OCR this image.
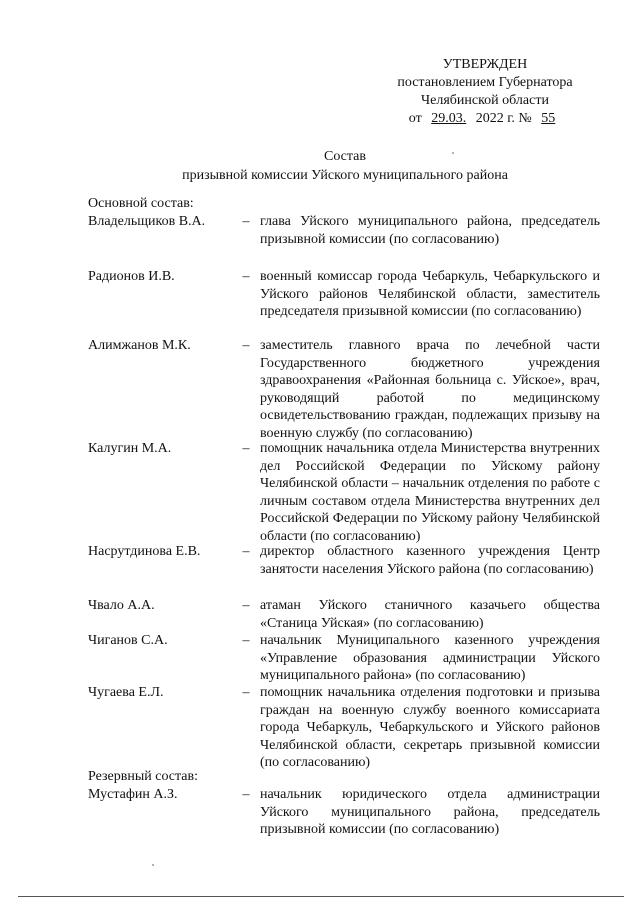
УТВЕРЖДЕН
постановлением Губернатора
Челябинской области
от 29.03. 2022 г. № 55
Состав
призывной комиссии Уйского муниципального района
Основной состав:
Владельщиков В.А.	– глава Уйского муниципального района, председатель призывной комиссии (по согласованию)
Радионов И.В.	– военный комиссар города Чебаркуль, Чебаркульского и Уйского районов Челябинской области, заместитель председателя призывной комиссии (по согласованию)
Алимжанов М.К.	– заместитель главного врача по лечебной части Государственного бюджетного учреждения здравоохранения «Районная больница с. Уйское», врач, руководящий работой по медицинскому освидетельствованию граждан, подлежащих призыву на военную службу (по согласованию)
Калугин М.А.	– помощник начальника отдела Министерства внутренних дел Российской Федерации по Уйскому району Челябинской области – начальник отделения по работе с личным составом отдела Министерства внутренних дел Российской Федерации по Уйскому району Челябинской области (по согласованию)
Насрутдинова Е.В.	– директор областного казенного учреждения Центр занятости населения Уйского района (по согласованию)
Чвало А.А.	– атаман Уйского станичного казачьего общества «Станица Уйская» (по согласованию)
Чиганов С.А.	– начальник Муниципального казенного учреждения «Управление образования администрации Уйского муниципального района» (по согласованию)
Чугаева Е.Л.	– помощник начальника отделения подготовки и призыва граждан на военную службу военного комиссариата города Чебаркуль, Чебаркульского и Уйского районов Челябинской области, секретарь призывной комиссии (по согласованию)
Резервный состав:
Мустафин А.З.	– начальник юридического отдела администрации Уйского муниципального района, председатель призывной комиссии (по согласованию)
